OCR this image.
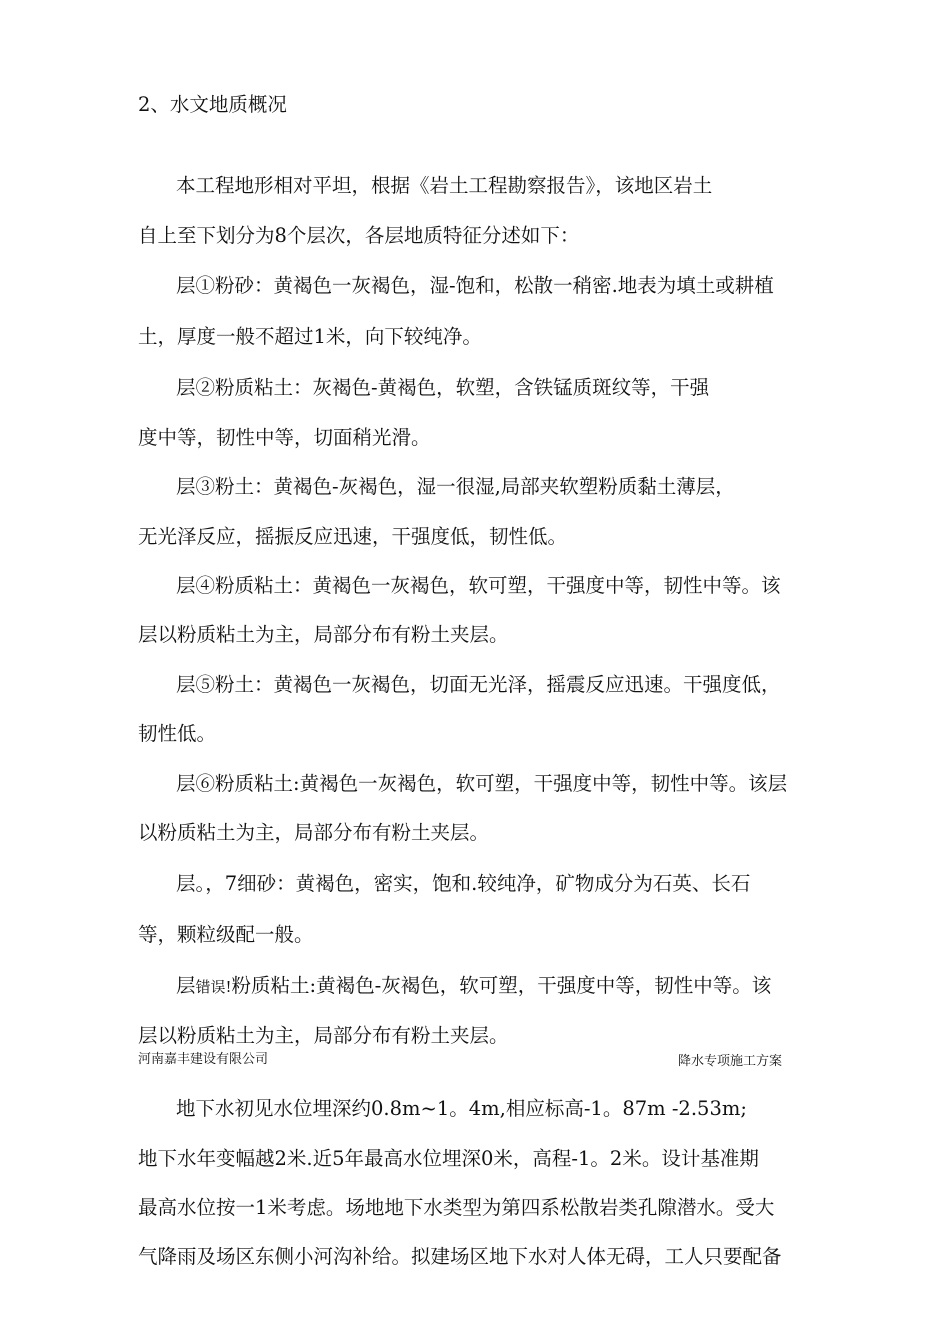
2、水文地质概况
本工程地形相对平坦，根据《岩土工程勘察报告》，该地区岩土
自上至下划分为8个层次，各层地质特征分述如下：
层①粉砂：黄褐色一灰褐色，湿-饱和，松散一稍密.地表为填土或耕植
土，厚度一般不超过1米，向下较纯净。
层②粉质粘土：灰褐色-黄褐色，软塑，含铁锰质斑纹等，干强
度中等，韧性中等，切面稍光滑。
层③粉土：黄褐色-灰褐色，湿一很湿,局部夹软塑粉质黏土薄层，
无光泽反应，摇振反应迅速，干强度低，韧性低。
层④粉质粘土：黄褐色一灰褐色，软可塑，干强度中等，韧性中等。该
层以粉质粘土为主，局部分布有粉土夹层。
层⑤粉土：黄褐色一灰褐色，切面无光泽，摇震反应迅速。干强度低，
韧性低。
层⑥粉质粘土:黄褐色一灰褐色，软可塑，干强度中等，韧性中等。该层
以粉质粘土为主，局部分布有粉土夹层。
层。，7细砂：黄褐色，密实，饱和.较纯净，矿物成分为石英、长石
等，颗粒级配一般。
层错误!粉质粘土:黄褐色-灰褐色，软可塑，干强度中等，韧性中等。该
层以粉质粘土为主，局部分布有粉土夹层。
河南嘉丰建设有限公司	降水专项施工方案
地下水初见水位埋深约0.8m~1。4m,相应标高-1。87m -2.53m;
地下水年变幅越2米.近5年最高水位埋深0米，高程-1。2米。设计基准期
最高水位按一1米考虑。场地地下水类型为第四系松散岩类孔隙潜水。受大
气降雨及场区东侧小河沟补给。拟建场区地下水对人体无碍，工人只要配备
